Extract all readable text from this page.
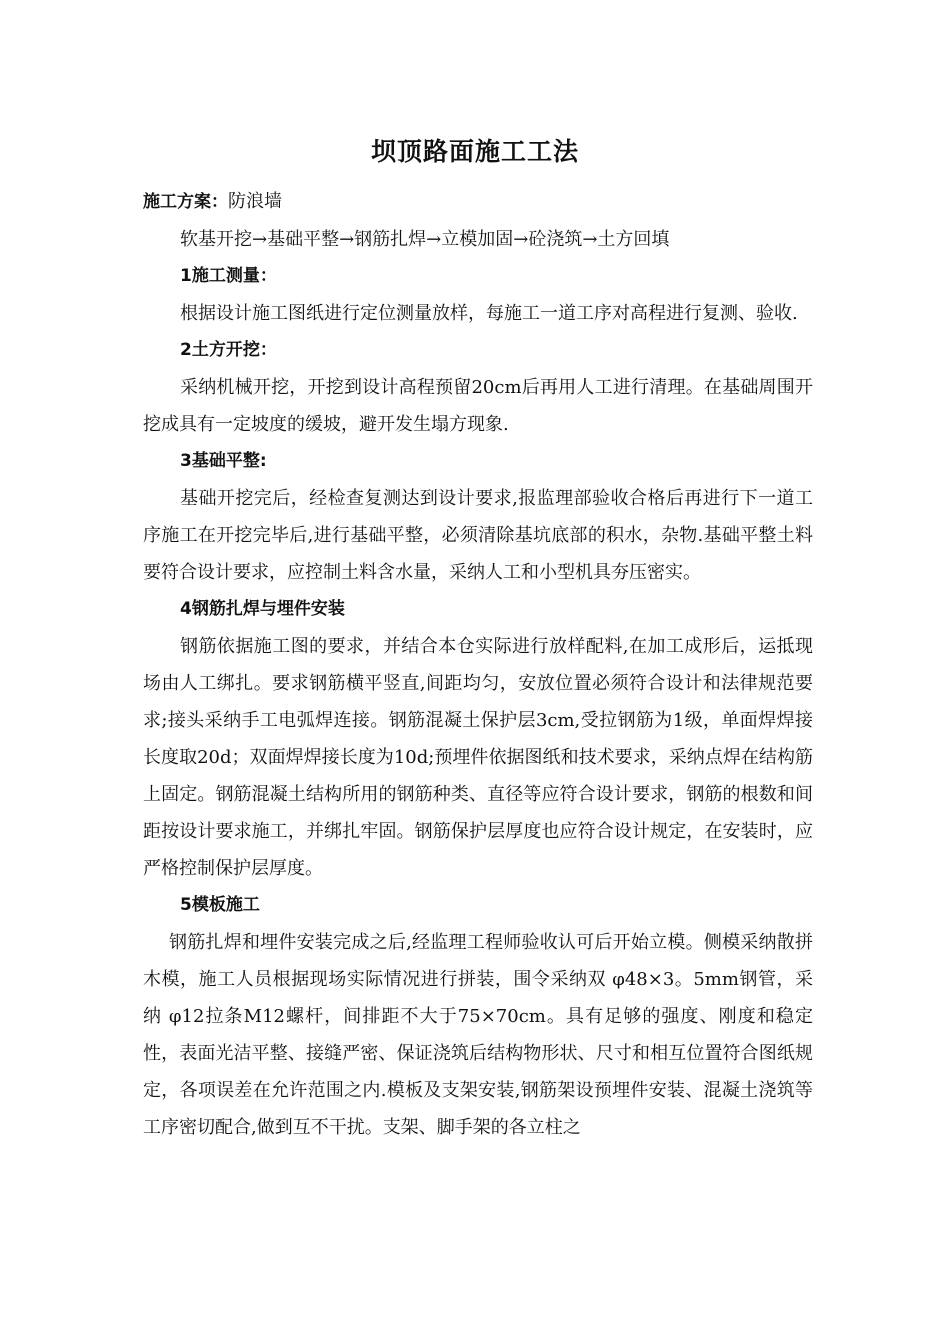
坝顶路面施工工法

施工方案：防浪墙

软基开挖→基础平整→钢筋扎焊→立模加固→砼浇筑→土方回填

1施工测量：

根据设计施工图纸进行定位测量放样，每施工一道工序对高程进行复测、验收.

2土方开挖：

采纳机械开挖，开挖到设计高程预留20cm后再用人工进行清理。在基础周围开挖成具有一定坡度的缓坡，避开发生塌方现象.

3基础平整:

基础开挖完后，经检查复测达到设计要求,报监理部验收合格后再进行下一道工序施工在开挖完毕后,进行基础平整，必须清除基坑底部的积水，杂物.基础平整土料要符合设计要求，应控制土料含水量，采纳人工和小型机具夯压密实。

4钢筋扎焊与埋件安装

钢筋依据施工图的要求，并结合本仓实际进行放样配料,在加工成形后，运抵现场由人工绑扎。要求钢筋横平竖直,间距均匀，安放位置必须符合设计和法律规范要求;接头采纳手工电弧焊连接。钢筋混凝土保护层3cm,受拉钢筋为1级，单面焊焊接长度取20d；双面焊焊接长度为10d;预埋件依据图纸和技术要求，采纳点焊在结构筋上固定。钢筋混凝土结构所用的钢筋种类、直径等应符合设计要求，钢筋的根数和间距按设计要求施工，并绑扎牢固。钢筋保护层厚度也应符合设计规定，在安装时，应严格控制保护层厚度。

5模板施工

钢筋扎焊和埋件安装完成之后,经监理工程师验收认可后开始立模。侧模采纳散拼木模，施工人员根据现场实际情况进行拼装，围令采纳双 φ48×3。5mm钢管，采纳 φ12拉条M12螺杆，间排距不大于75×70cm。具有足够的强度、刚度和稳定性，表面光洁平整、接缝严密、保证浇筑后结构物形状、尺寸和相互位置符合图纸规定，各项误差在允许范围之内.模板及支架安装,钢筋架设预埋件安装、混凝土浇筑等工序密切配合,做到互不干扰。支架、脚手架的各立柱之
